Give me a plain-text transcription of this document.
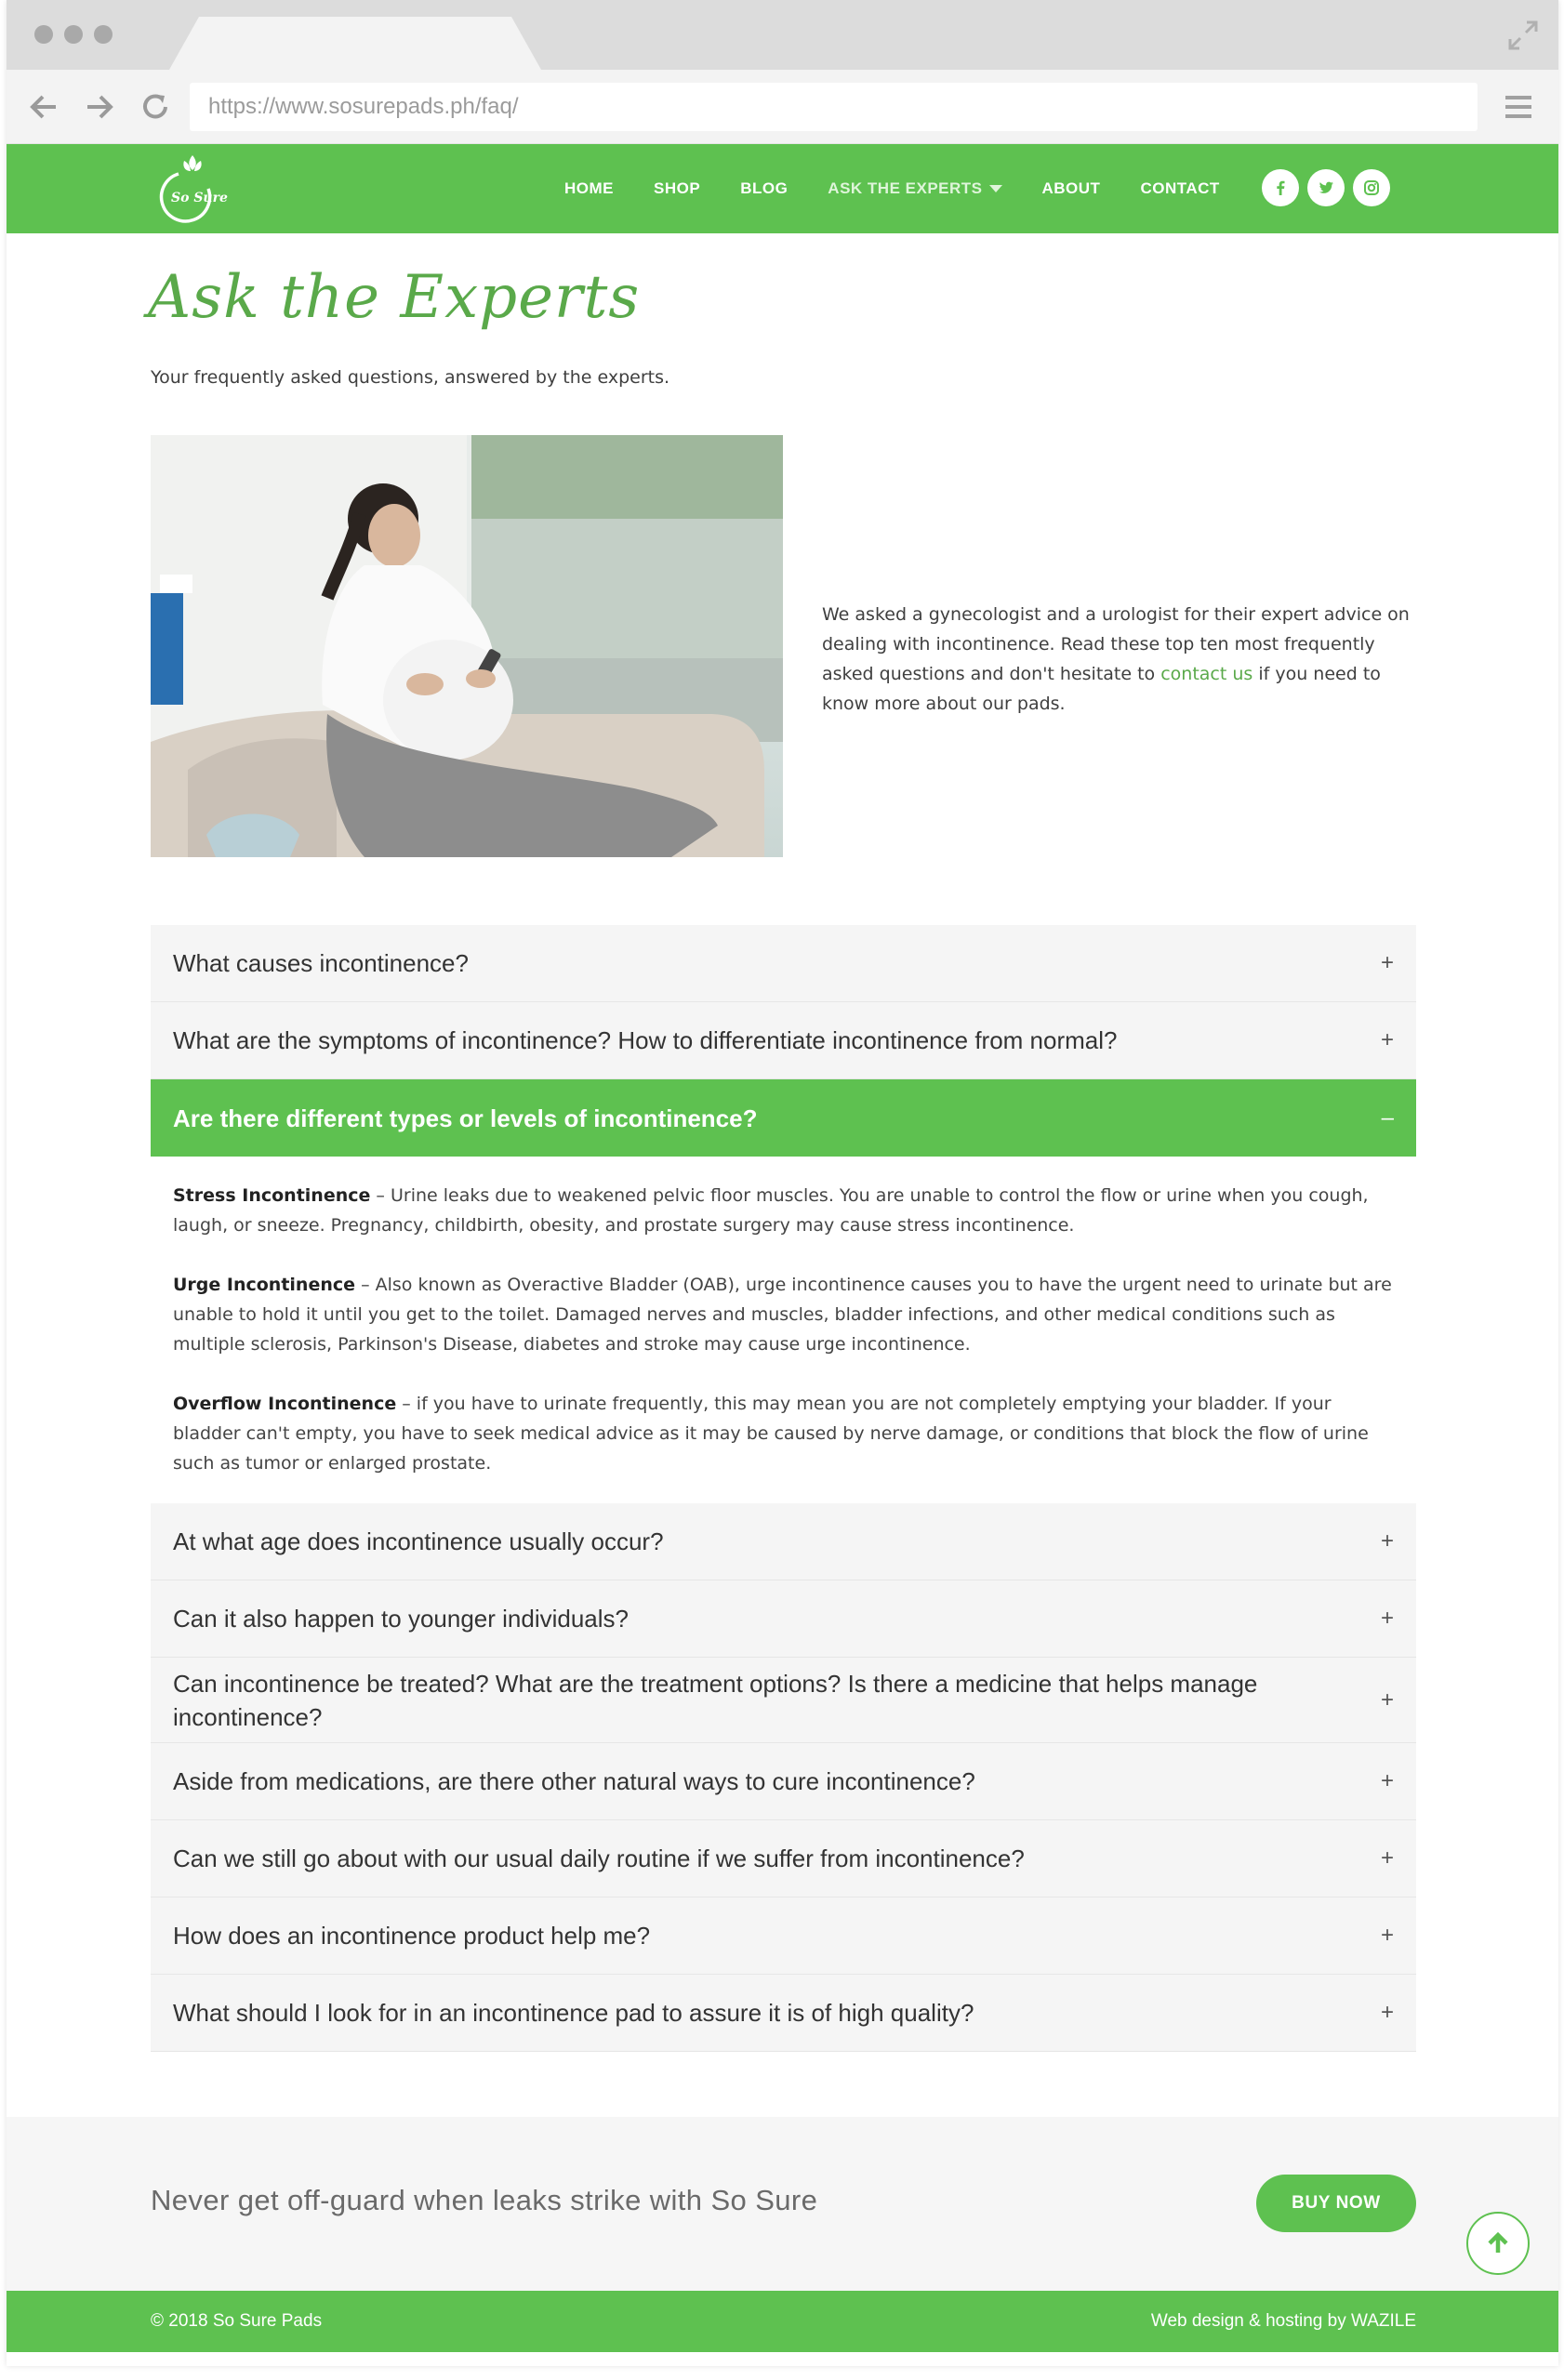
https://www.sosurepads.ph/faq/
So Sure
HOME	SHOP	BLOG	ASK THE EXPERTS	ABOUT	CONTACT
Ask the Experts
Your frequently asked questions, answered by the experts.
We asked a gynecologist and a urologist for their expert advice on dealing with incontinence. Read these top ten most frequently asked questions and don't hesitate to contact us if you need to know more about our pads.
What causes incontinence?	+
What are the symptoms of incontinence? How to differentiate incontinence from normal?	+
Are there different types or levels of incontinence?	–

Stress Incontinence – Urine leaks due to weakened pelvic floor muscles. You are unable to control the flow or urine when you cough, laugh, or sneeze. Pregnancy, childbirth, obesity, and prostate surgery may cause stress incontinence.

Urge Incontinence – Also known as Overactive Bladder (OAB), urge incontinence causes you to have the urgent need to urinate but are unable to hold it until you get to the toilet. Damaged nerves and muscles, bladder infections, and other medical conditions such as multiple sclerosis, Parkinson's Disease, diabetes and stroke may cause urge incontinence.

Overflow Incontinence – if you have to urinate frequently, this may mean you are not completely emptying your bladder. If your bladder can't empty, you have to seek medical advice as it may be caused by nerve damage, or conditions that block the flow of urine such as tumor or enlarged prostate.

At what age does incontinence usually occur?	+
Can it also happen to younger individuals?	+
Can incontinence be treated? What are the treatment options? Is there a medicine that helps manage incontinence?
+
Aside from medications, are there other natural ways to cure incontinence?	+
Can we still go about with our usual daily routine if we suffer from incontinence?	+
How does an incontinence product help me?	+
What should I look for in an incontinence pad to assure it is of high quality?	+
Never get off-guard when leaks strike with So Sure	BUY NOW
© 2018 So Sure Pads	Web design & hosting by WAZILE
